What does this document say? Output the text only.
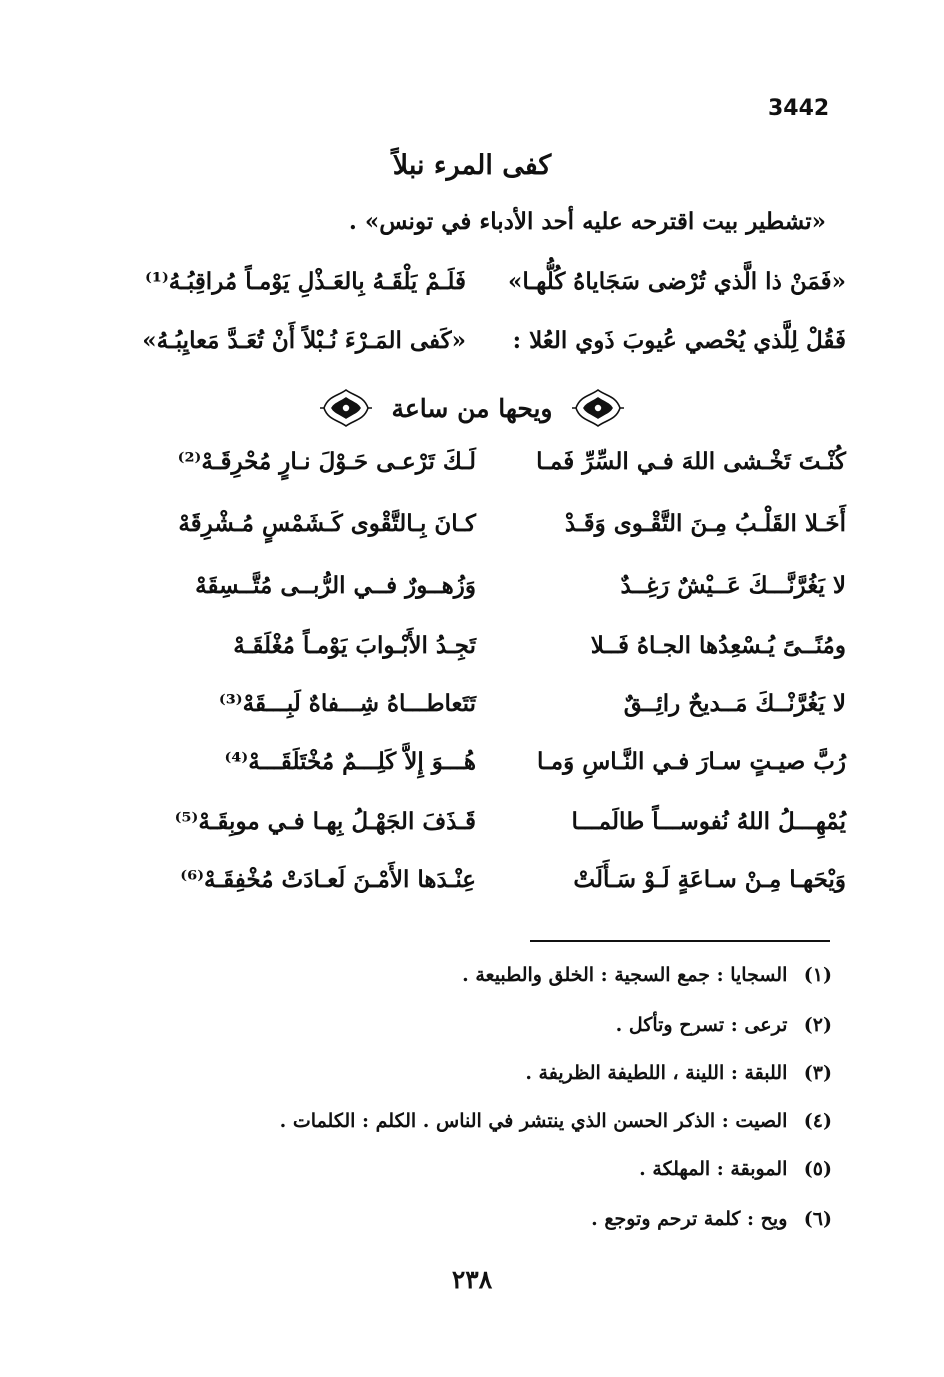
3442
كفى المرء نبلاً
«تشطير بيت اقترحه عليه أحد الأدباء في تونس» .
«فَمَنْ ذا الَّذي تُرْضى سَجَاياهُ كُلُّهـا»
فَلَـمْ يَلْقَـهُ بِالعَـذْلِ يَوْمـاً مُراقِبُـهُ⁽¹⁾
فَقُلْ لِلَّذي يُحْصي عُيوبَ ذَوي العُلا :
«كَفى المَـرْءَ نُـبْلاً أَنْ تُعَـدَّ مَعايِبُـهُ»
ويحها من ساعة
كُنْـتَ تَخْـشى اللهَ فـي السِّرِّ فَمـا
لَـكَ تَرْعـى حَـوْلَ نـارٍ مُحْرِقَـهْ⁽²⁾
أَخَـلا القَلْـبُ مِـنَ التَّقْـوى وَقَـدْ
كـانَ بِـالتَّقْوى كَـشَمْسٍ مُـشْرِقَهْ
لا يَغُرَّنَّـــكَ عَــيْشٌ رَغِــدٌ
وَزُهــورٌ فــي الرُّبــى مُتَّــسِقَهْ
ومُنًــىً يُـسْعِدُها الجـاهُ فَــلا
تَجِـدُ الأَبْـوابَ يَوْمـاً مُغْلَقَـهْ
لا يَغُرَّنْــكَ مَــديحٌ رائِــقٌ
تَتَعاطـــاهُ شِـــفاهٌ لَبِـــقَهْ⁽³⁾
رُبَّ صيـتٍ سـارَ فـي النَّـاسِ وَمـا
هُـــوَ إِلاَّ كَلِـــمٌ مُخْتَلَقَـــهْ⁽⁴⁾
يُمْهِـــلُ اللهُ نُفوســـاً طالَمـــا
قَـذَفَ الجَهْـلُ بِهـا فـي موبِقَـهْ⁽⁵⁾
وَيْحَهـا مِـنْ سـاعَةٍ لَـوْ سَـأَلَتْ
عِنْـدَها الأَمْـنَ لَعـادَتْ مُخْفِقَـهْ⁽⁶⁾
(١) السجايا : جمع السجية : الخلق والطبيعة .
(٢) ترعى : تسرح وتأكل .
(٣) اللبقة : اللينة ، اللطيفة الظريفة .
(٤) الصيت : الذكر الحسن الذي ينتشر في الناس . الكلم : الكلمات .
(٥) الموبقة : المهلكة .
(٦) ويح : كلمة ترحم وتوجع .
٢٣٨
